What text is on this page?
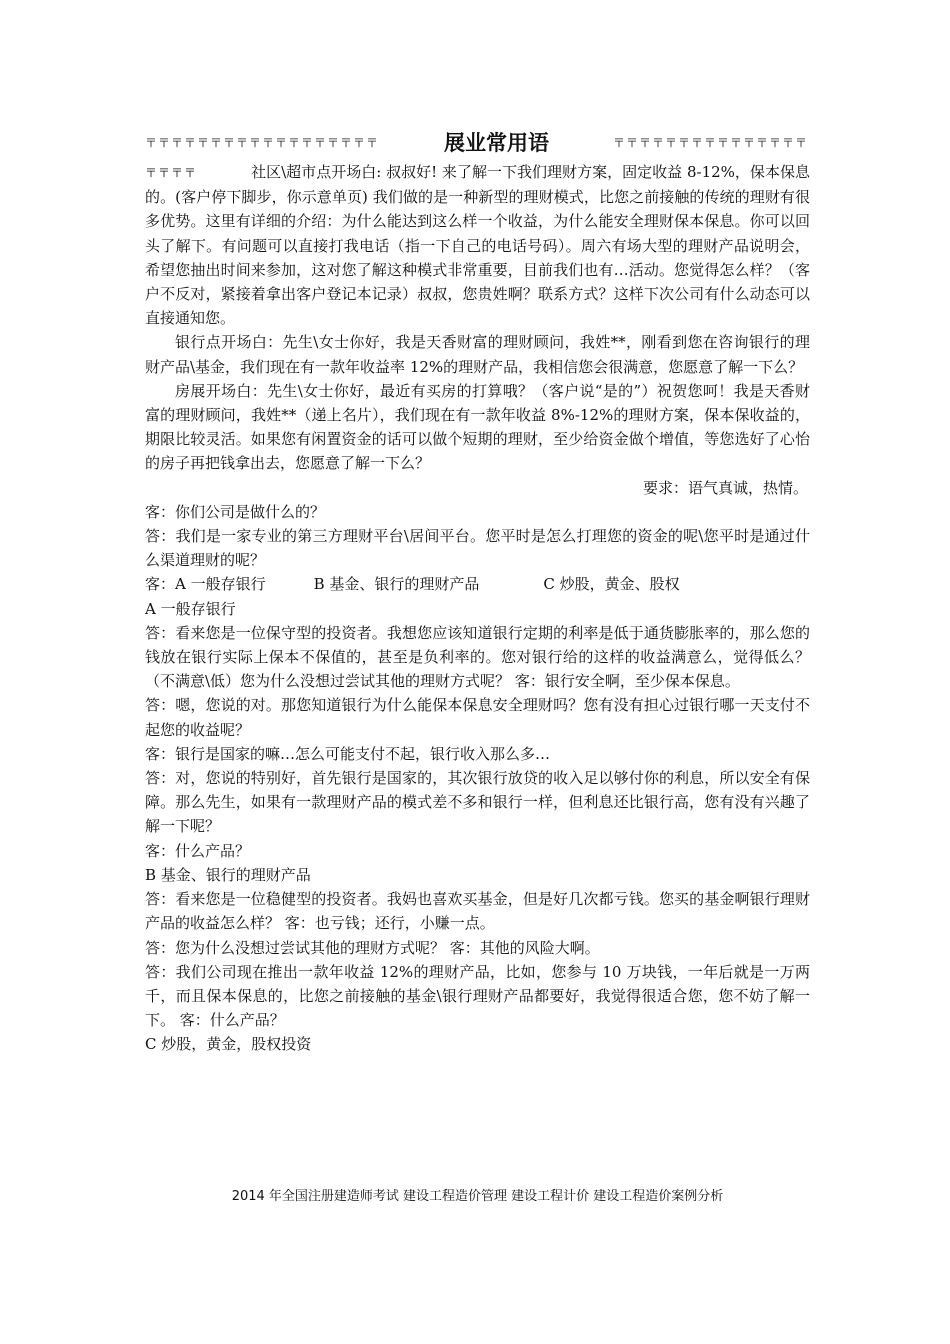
〒〒〒〒〒〒〒〒〒〒〒〒〒〒〒〒〒〒	展业常用语	〒〒〒〒〒〒〒〒〒〒〒〒〒〒〒

〒〒〒〒	社区\超市点开场白: 叔叔好! 来了解一下我们理财方案，固定收益 8-12%，保本保息的。(客户停下脚步，你示意单页) 我们做的是一种新型的理财模式，比您之前接触的传统的理财有很多优势。这里有详细的介绍：为什么能达到这么样一个收益，为什么能安全理财保本保息。你可以回头了解下。有问题可以直接打我电话（指一下自己的电话号码）。周六有场大型的理财产品说明会，希望您抽出时间来参加，这对您了解这种模式非常重要，目前我们也有…活动。您觉得怎么样？（客户不反对，紧接着拿出客户登记本记录）叔叔，您贵姓啊？联系方式？这样下次公司有什么动态可以直接通知您。

银行点开场白：先生\女士你好，我是天香财富的理财顾问，我姓**，刚看到您在咨询银行的理财产品\基金，我们现在有一款年收益率 12%的理财产品，我相信您会很满意，您愿意了解一下么？

房展开场白：先生\女士你好，最近有买房的打算哦？（客户说“是的”）祝贺您呵！我是天香财富的理财顾问，我姓**（递上名片），我们现在有一款年收益 8%-12%的理财方案，保本保收益的，期限比较灵活。如果您有闲置资金的话可以做个短期的理财，至少给资金做个增值，等您选好了心怡的房子再把钱拿出去，您愿意了解一下么？

要求：语气真诚，热情。

客：你们公司是做什么的？

答：我们是一家专业的第三方理财平台\居间平台。您平时是怎么打理您的资金的呢\您平时是通过什么渠道理财的呢？

客：A 一般存银行	B 基金、银行的理财产品	C 炒股，黄金、股权

A 一般存银行

答：看来您是一位保守型的投资者。我想您应该知道银行定期的利率是低于通货膨胀率的，那么您的钱放在银行实际上保本不保值的，甚至是负利率的。您对银行给的这样的收益满意么，觉得低么？（不满意\低）您为什么没想过尝试其他的理财方式呢？ 客：银行安全啊，至少保本保息。

答：嗯，您说的对。那您知道银行为什么能保本保息安全理财吗？您有没有担心过银行哪一天支付不起您的收益呢？

客：银行是国家的嘛…怎么可能支付不起，银行收入那么多…

答：对，您说的特别好，首先银行是国家的，其次银行放贷的收入足以够付你的利息，所以安全有保障。那么先生，如果有一款理财产品的模式差不多和银行一样，但利息还比银行高，您有没有兴趣了解一下呢？

客：什么产品？

B 基金、银行的理财产品

答：看来您是一位稳健型的投资者。我妈也喜欢买基金，但是好几次都亏钱。您买的基金啊银行理财产品的收益怎么样？ 客：也亏钱；还行，小赚一点。

答：您为什么没想过尝试其他的理财方式呢？ 客：其他的风险大啊。

答：我们公司现在推出一款年收益 12%的理财产品，比如，您参与 10 万块钱，一年后就是一万两千，而且保本保息的，比您之前接触的基金\银行理财产品都要好，我觉得很适合您，您不妨了解一下。 客：什么产品？

C 炒股，黄金，股权投资

2014 年全国注册建造师考试 建设工程造价管理 建设工程计价 建设工程造价案例分析
